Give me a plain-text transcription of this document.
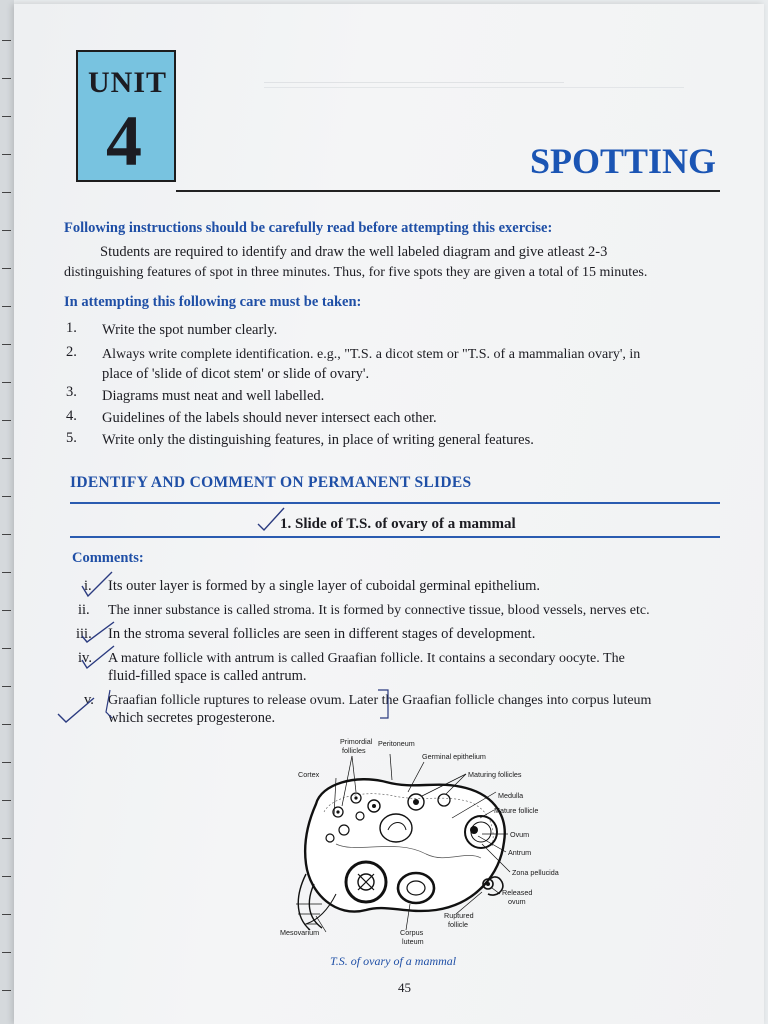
UNIT
4	SPOTTING
Following instructions should be carefully read before attempting this exercise:
Students are required to identify and draw the well labeled diagram and give atleast 2-3
distinguishing features of spot in three minutes. Thus, for five spots they are given a total of 15 minutes.
In attempting this following care must be taken:
1.	Write the spot number clearly.
2.	Always write complete identification. e.g., "T.S. a dicot stem or "T.S. of a mammalian ovary', in
place of 'slide of dicot stem' or slide of ovary'.
3.	Diagrams must neat and well labelled.
4.	Guidelines of the labels should never intersect each other.
5.	Write only the distinguishing features, in place of writing general features.
IDENTIFY AND COMMENT ON PERMANENT SLIDES
1. Slide of T.S. of ovary of a mammal
Comments:
i. Its outer layer is formed by a single layer of cuboidal germinal epithelium.
ii. The inner substance is called stroma. It is formed by connective tissue, blood vessels, nerves etc.
iii. In the stroma several follicles are seen in different stages of development.
iv. A mature follicle with antrum is called Graafian follicle. It contains a secondary oocyte. The
fluid-filled space is called antrum.
v. Graafian follicle ruptures to release ovum. Later the Graafian follicle changes into corpus luteum
which secretes progesterone.
Primordial
follicles
Peritoneum
Germinal epithelium
Cortex	Maturing follicles
Medulla
Mature follicle
Ovum
Antrum
Zona pellucida
Released
ovum
Ruptured
follicle
Mesovarium	Corpus
luteum
T.S. of ovary of a mammal
45
